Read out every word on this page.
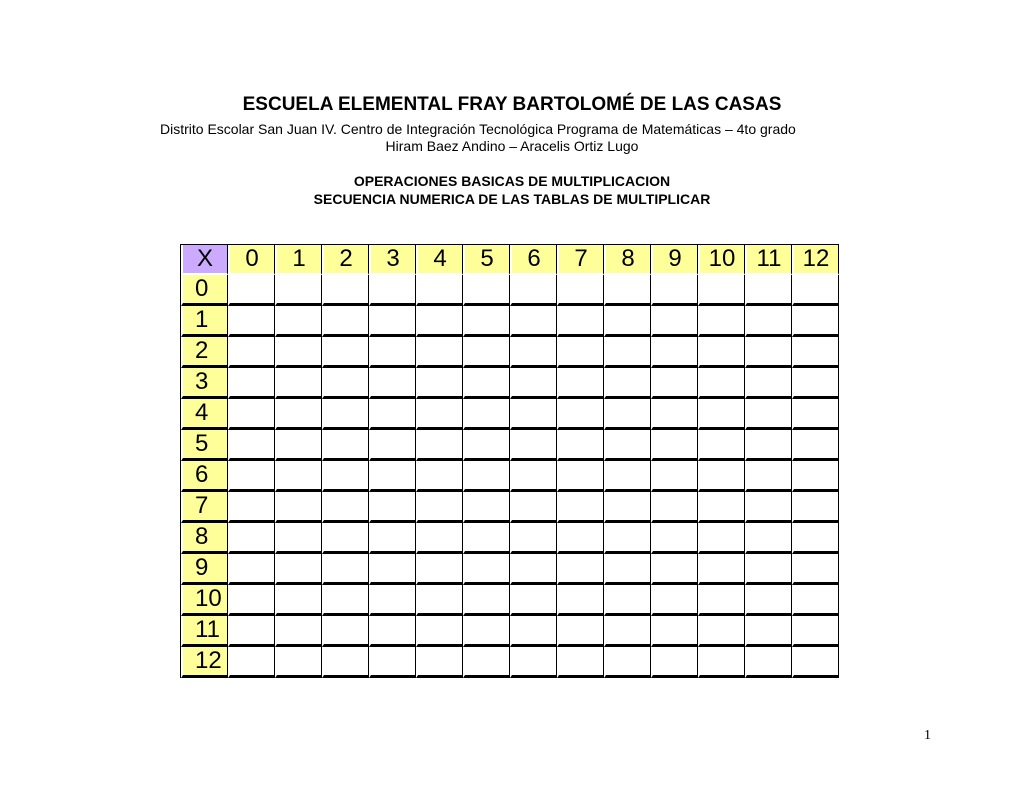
ESCUELA ELEMENTAL FRAY BARTOLOMÉ DE LAS CASAS
Distrito Escolar San Juan IV. Centro de Integración Tecnológica Programa de Matemáticas – 4to grado
Hiram Baez Andino – Aracelis Ortiz Lugo
OPERACIONES BASICAS DE MULTIPLICACION
SECUENCIA NUMERICA DE LAS TABLAS DE MULTIPLICAR
X	0	1	2	3	4	5	6	7	8	9	10	11	12
0													
1													
2													
3													
4													
5													
6													
7													
8													
9													
10													
11													
12													
1
